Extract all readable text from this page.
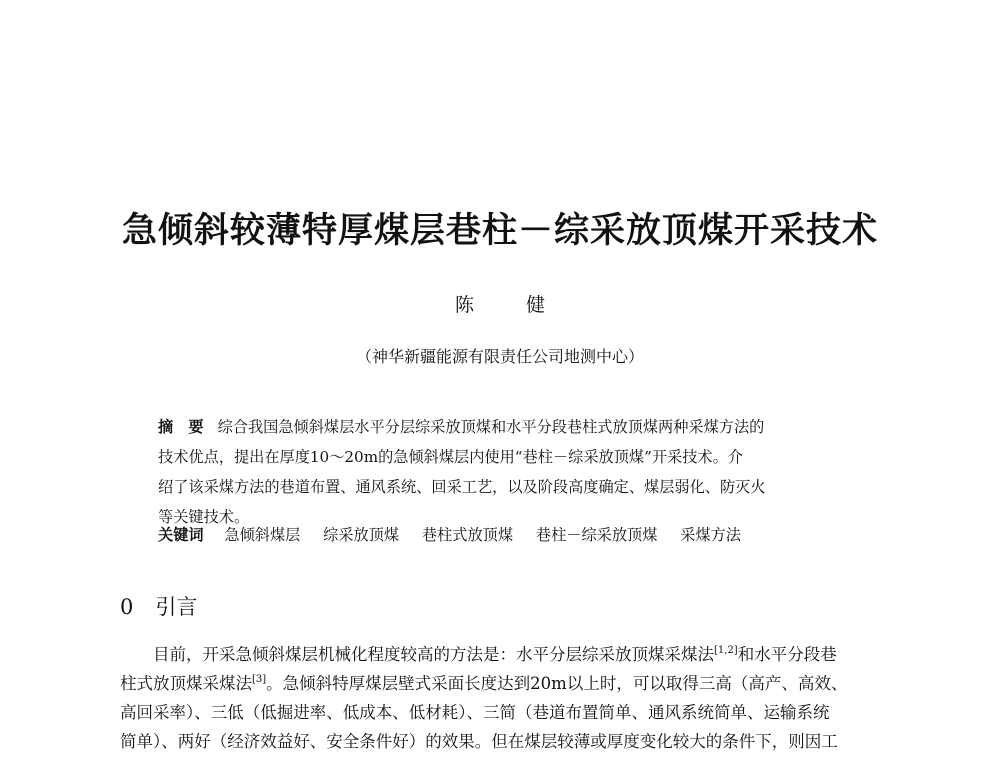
急倾斜较薄特厚煤层巷柱－综采放顶煤开采技术
陈	健
（神华新疆能源有限责任公司地测中心）
摘　要 综合我国急倾斜煤层水平分层综采放顶煤和水平分段巷柱式放顶煤两种采煤方法的
技术优点，提出在厚度10～20m的急倾斜煤层内使用“巷柱－综采放顶煤”开采技术。介
绍了该采煤方法的巷道布置、通风系统、回采工艺，以及阶段高度确定、煤层弱化、防灭火
等关键技术。
关键词 急倾斜煤层 综采放顶煤 巷柱式放顶煤 巷柱－综采放顶煤 采煤方法
0 引言
目前，开采急倾斜煤层机械化程度较高的方法是：水平分层综采放顶煤采煤法[1,2]和水平分段巷
柱式放顶煤采煤法[3]。急倾斜特厚煤层壁式采面长度达到20m以上时，可以取得三高（高产、高效、
高回采率）、三低（低掘进率、低成本、低材耗）、三简（巷道布置简单、通风系统简单、运输系统
简单）、两好（经济效益好、安全条件好）的效果。但在煤层较薄或厚度变化较大的条件下，则因工
